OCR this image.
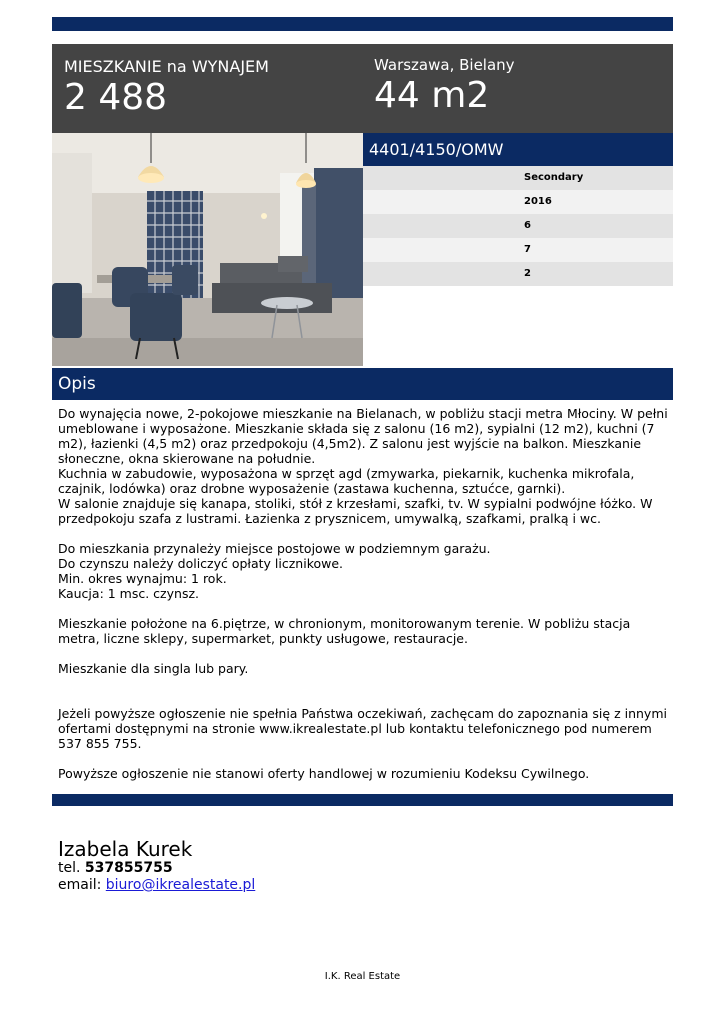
MIESZKANIE na WYNAJEM
2 488
Warszawa, Bielany
44 m2
4401/4150/OMW
Secondary
2016
6
7
2
Opis
Do wynajęcia nowe, 2-pokojowe mieszkanie na Bielanach, w pobliżu stacji metra Młociny. W pełni umeblowane i wyposażone. Mieszkanie składa się z salonu (16 m2), sypialni (12 m2), kuchni (7 m2), łazienki (4,5 m2) oraz przedpokoju (4,5m2). Z salonu jest wyjście na balkon. Mieszkanie słoneczne, okna skierowane na południe.
Kuchnia w zabudowie, wyposażona w sprzęt agd (zmywarka, piekarnik, kuchenka mikrofala, czajnik, lodówka) oraz drobne wyposażenie (zastawa kuchenna, sztućce, garnki).
W salonie znajduje się kanapa, stoliki, stół z krzesłami, szafki, tv. W sypialni podwójne łóżko. W przedpokoju szafa z lustrami. Łazienka z prysznicem, umywalką, szafkami, pralką i wc.

Do mieszkania przynależy miejsce postojowe w podziemnym garażu.
Do czynszu należy doliczyć opłaty licznikowe.
Min. okres wynajmu: 1 rok.
Kaucja: 1 msc. czynsz.

Mieszkanie położone na 6.piętrze, w chronionym, monitorowanym terenie. W pobliżu stacja metra, liczne sklepy, supermarket, punkty usługowe, restauracje.

Mieszkanie dla singla lub pary.

Jeżeli powyższe ogłoszenie nie spełnia Państwa oczekiwań, zachęcam do zapoznania się z innymi ofertami dostępnymi na stronie www.ikrealestate.pl lub kontaktu telefonicznego pod numerem 537 855 755.

Powyższe ogłoszenie nie stanowi oferty handlowej w rozumieniu Kodeksu Cywilnego.
Izabela Kurek
tel. 537855755
email: biuro@ikrealestate.pl
I.K. Real Estate
